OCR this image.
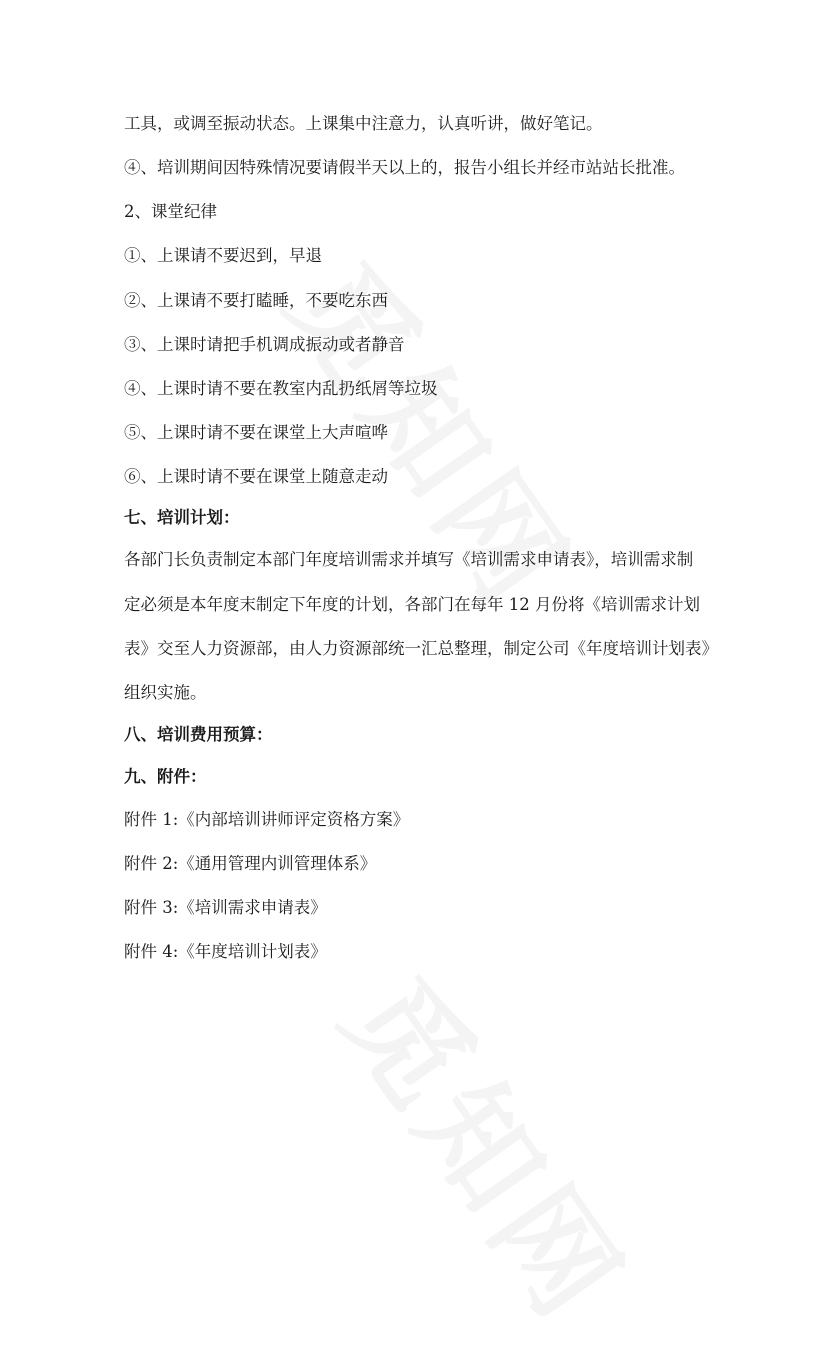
工具，或调至振动状态。上课集中注意力，认真听讲，做好笔记。
④、培训期间因特殊情况要请假半天以上的，报告小组长并经市站站长批准。
2、课堂纪律
①、上课请不要迟到，早退
②、上课请不要打瞌睡，不要吃东西
③、上课时请把手机调成振动或者静音
④、上课时请不要在教室内乱扔纸屑等垃圾
⑤、上课时请不要在课堂上大声喧哗
⑥、上课时请不要在课堂上随意走动
七、培训计划：
各部门长负责制定本部门年度培训需求并填写《培训需求申请表》，培训需求制
定必须是本年度末制定下年度的计划，各部门在每年 12 月份将《培训需求计划
表》交至人力资源部，由人力资源部统一汇总整理，制定公司《年度培训计划表》
组织实施。
八、培训费用预算：
九、附件：
附件 1:《内部培训讲师评定资格方案》
附件 2:《通用管理内训管理体系》
附件 3:《培训需求申请表》
附件 4:《年度培训计划表》
